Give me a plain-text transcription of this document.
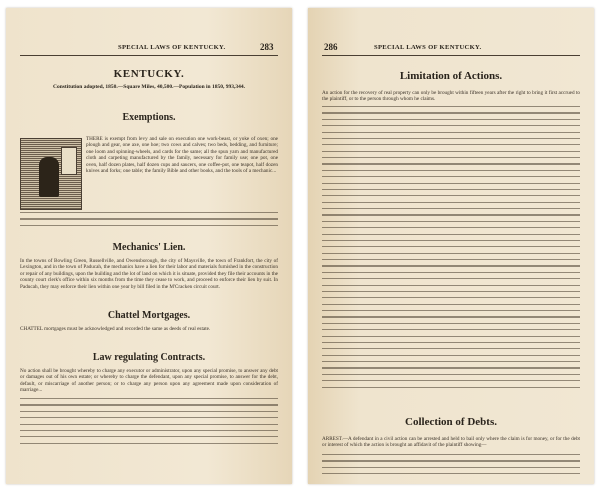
SPECIAL LAWS OF KENTUCKY.	283
KENTUCKY.
Constitution adopted, 1850.—Square Miles, 40,500.—Population in 1850, 993,344.
Exemptions.
THERE is exempt from levy and sale on execution one work-beast, or yoke of oxen; one plough and gear, one axe, one hoe; two cows and calves; two beds, bedding, and furniture; one loom and spinning-wheels, and cards for the same; all the spun yarn and manufactured cloth and carpeting manufactured by the family, necessary for family use; one pot, one oven, half dozen plates, half dozen cups and saucers, one coffee-pot, one teapot, half dozen knives and forks; one table; the family Bible and other books, and the tools of a mechanic...
Mechanics' Lien.
In the towns of Bowling Green, Russellville, and Owensborough, the city of Maysville, the town of Frankfort, the city of Lexington, and in the town of Paducah, the mechanics have a lien for their labor and materials furnished in the construction or repair of any buildings, upon the building and the lot of land on which it is situate, provided they file their accounts in the county court clerk's office within six months from the time they cease to work, and proceed to enforce their lien by suit. In Paducah, they may enforce their lien within one year by bill filed in the M'Cracken circuit court.
Chattel Mortgages.
CHATTEL mortgages must be acknowledged and recorded the same as deeds of real estate.
Law regulating Contracts.
No action shall be brought whereby to charge any executor or administrator, upon any special promise, to answer any debt or damages out of his own estate; or whereby to charge the defendant, upon any special promise, to answer for the debt, default, or miscarriage of another person; or to charge any person upon any agreement made upon consideration of marriage...
286	SPECIAL LAWS OF KENTUCKY.
Limitation of Actions.
An action for the recovery of real property can only be brought within fifteen years after the right to bring it first accrued to the plaintiff, or to the person through whom he claims.
Collection of Debts.
ARREST.—A defendant in a civil action can be arrested and held to bail only where the claim is for money, or for the debt or interest of which the action is brought an affidavit of the plaintiff showing—
